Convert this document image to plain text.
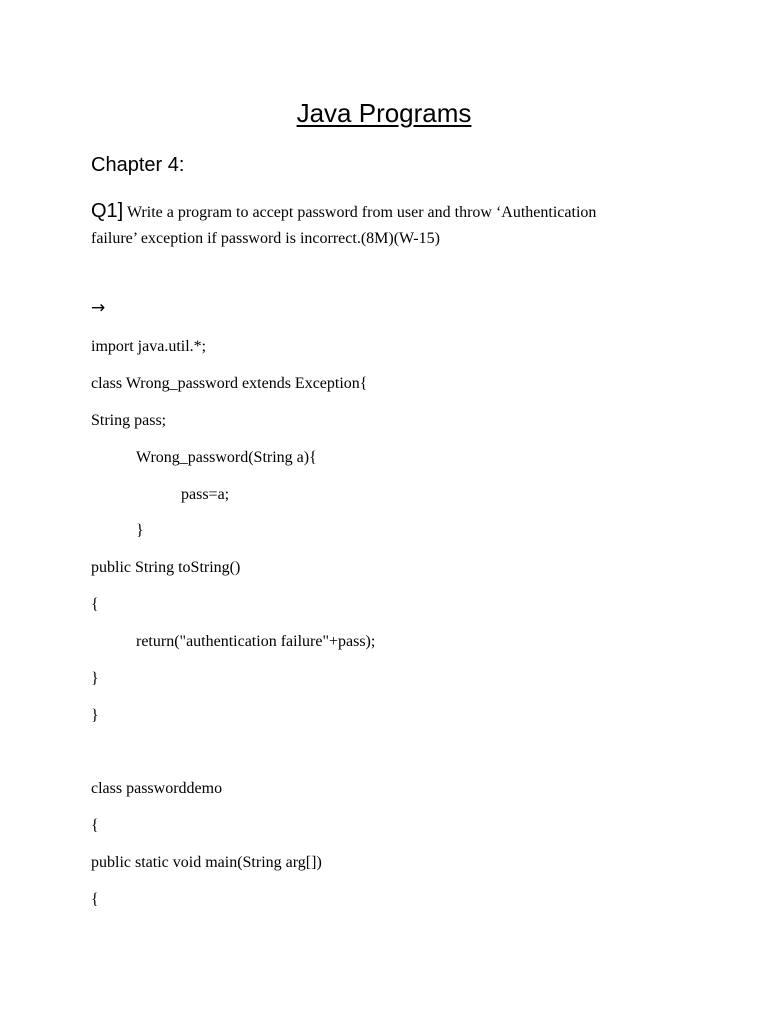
Java Programs
Chapter 4:
Q1] Write a program to accept password from user and throw ‘Authentication
failure’ exception if password is incorrect.(8M)(W-15)
→
import java.util.*;
class Wrong_password extends Exception{
String pass;
Wrong_password(String a){
pass=a;
}
public String toString()
{
return("authentication failure"+pass);
}
}
class passworddemo
{
public static void main(String arg[])
{
